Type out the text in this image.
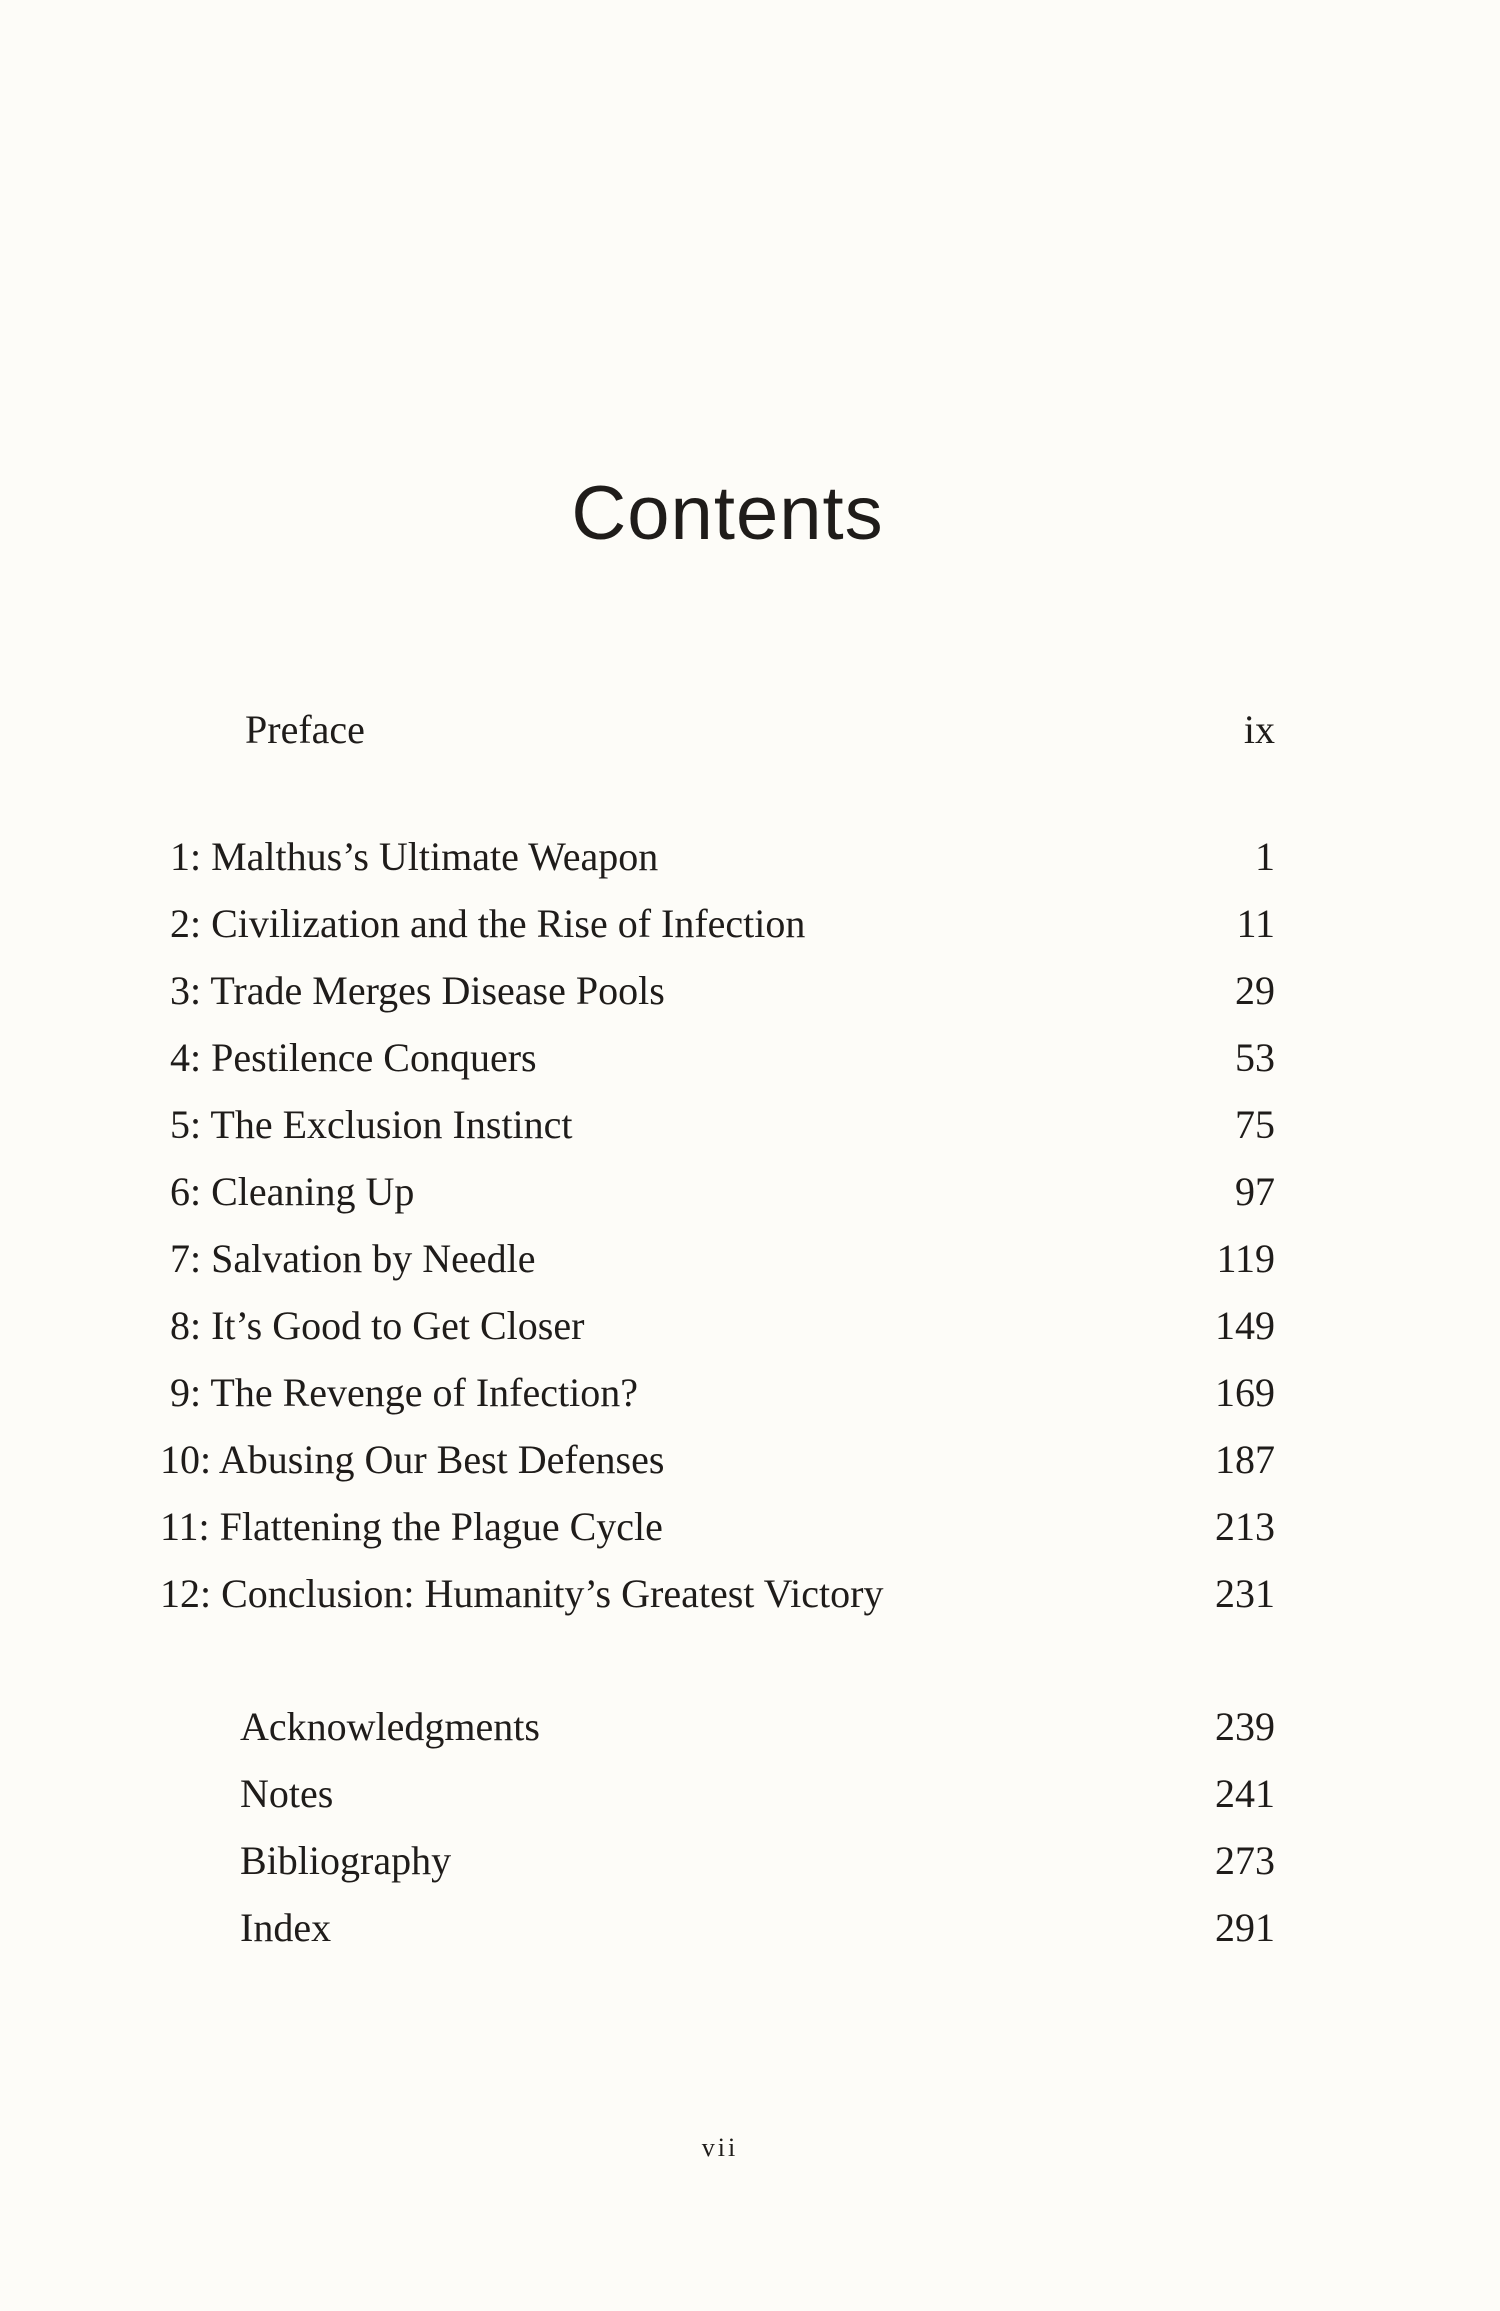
Contents
Preface	ix
1: Malthus’s Ultimate Weapon	1
2: Civilization and the Rise of Infection	11
3: Trade Merges Disease Pools	29
4: Pestilence Conquers	53
5: The Exclusion Instinct	75
6: Cleaning Up	97
7: Salvation by Needle	119
8: It’s Good to Get Closer	149
9: The Revenge of Infection?	169
10: Abusing Our Best Defenses	187
11: Flattening the Plague Cycle	213
12: Conclusion: Humanity’s Greatest Victory	231
Acknowledgments	239
Notes	241
Bibliography	273
Index	291
vii
